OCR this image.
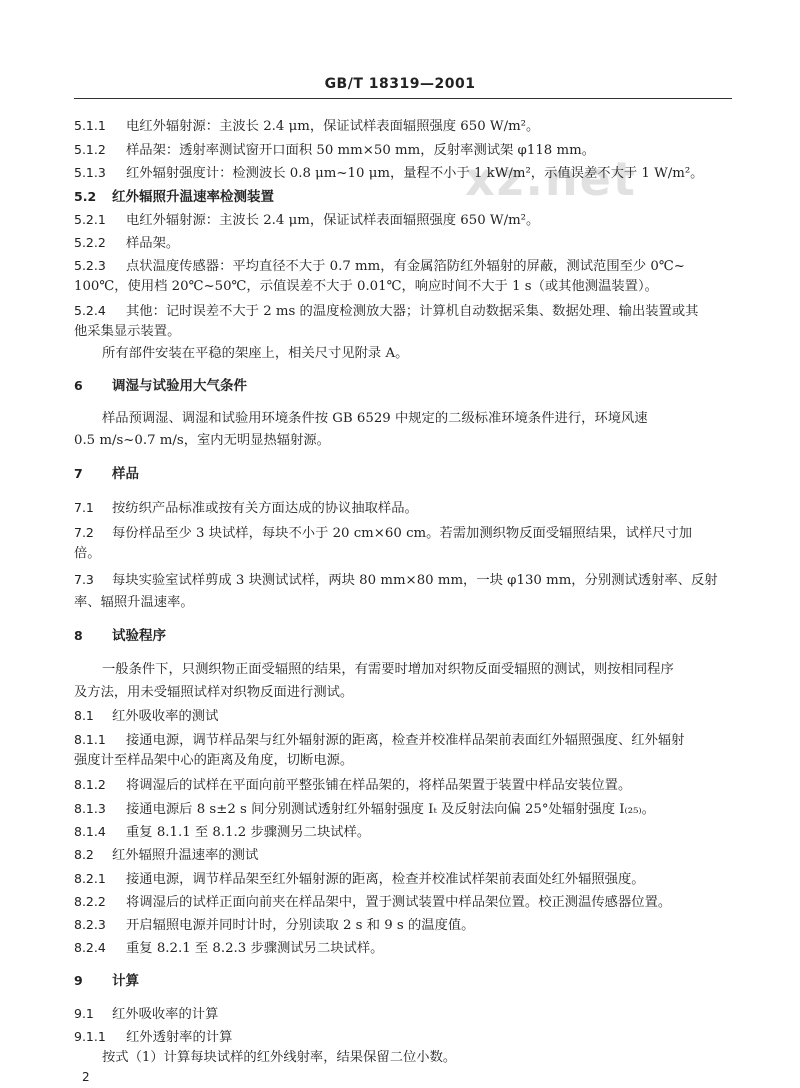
GB/T 18319—2001
xz.net
5.1.1 电红外辐射源：主波长 2.4 μm，保证试样表面辐照强度 650 W/m²。
5.1.2 样品架：透射率测试窗开口面积 50 mm×50 mm，反射率测试架 φ118 mm。
5.1.3 红外辐射强度计：检测波长 0.8 μm~10 μm，量程不小于 1 kW/m²，示值误差不大于 1 W/m²。
5.2 红外辐照升温速率检测装置
5.2.1 电红外辐射源：主波长 2.4 μm，保证试样表面辐照强度 650 W/m²。
5.2.2 样品架。
5.2.3 点状温度传感器：平均直径不大于 0.7 mm，有金属箔防红外辐射的屏蔽，测试范围至少 0℃~
100℃，使用档 20℃~50℃，示值误差不大于 0.01℃，响应时间不大于 1 s（或其他测温装置）。
5.2.4 其他：记时误差不大于 2 ms 的温度检测放大器；计算机自动数据采集、数据处理、输出装置或其
他采集显示装置。
所有部件安装在平稳的架座上，相关尺寸见附录 A。
6 调湿与试验用大气条件
样品预调湿、调湿和试验用环境条件按 GB 6529 中规定的二级标准环境条件进行，环境风速
0.5 m/s~0.7 m/s，室内无明显热辐射源。
7 样品
7.1 按纺织产品标准或按有关方面达成的协议抽取样品。
7.2 每份样品至少 3 块试样，每块不小于 20 cm×60 cm。若需加测织物反面受辐照结果，试样尺寸加
倍。
7.3 每块实验室试样剪成 3 块测试试样，两块 80 mm×80 mm，一块 φ130 mm，分别测试透射率、反射
率、辐照升温速率。
8 试验程序
一般条件下，只测织物正面受辐照的结果，有需要时增加对织物反面受辐照的测试，则按相同程序
及方法，用未受辐照试样对织物反面进行测试。
8.1 红外吸收率的测试
8.1.1 接通电源，调节样品架与红外辐射源的距离，检查并校准样品架前表面红外辐照强度、红外辐射
强度计至样品架中心的距离及角度，切断电源。
8.1.2 将调湿后的试样在平面向前平整张铺在样品架的，将样品架置于装置中样品安装位置。
8.1.3 接通电源后 8 s±2 s 间分别测试透射红外辐射强度 Iₜ 及反射法向偏 25°处辐射强度 I₍₂₅₎。
8.1.4 重复 8.1.1 至 8.1.2 步骤测另二块试样。
8.2 红外辐照升温速率的测试
8.2.1 接通电源，调节样品架至红外辐射源的距离，检查并校准试样架前表面处红外辐照强度。
8.2.2 将调湿后的试样正面向前夹在样品架中，置于测试装置中样品架位置。校正测温传感器位置。
8.2.3 开启辐照电源并同时计时，分别读取 2 s 和 9 s 的温度值。
8.2.4 重复 8.2.1 至 8.2.3 步骤测试另二块试样。
9 计算
9.1 红外吸收率的计算
9.1.1 红外透射率的计算
按式（1）计算每块试样的红外线射率，结果保留二位小数。
2
